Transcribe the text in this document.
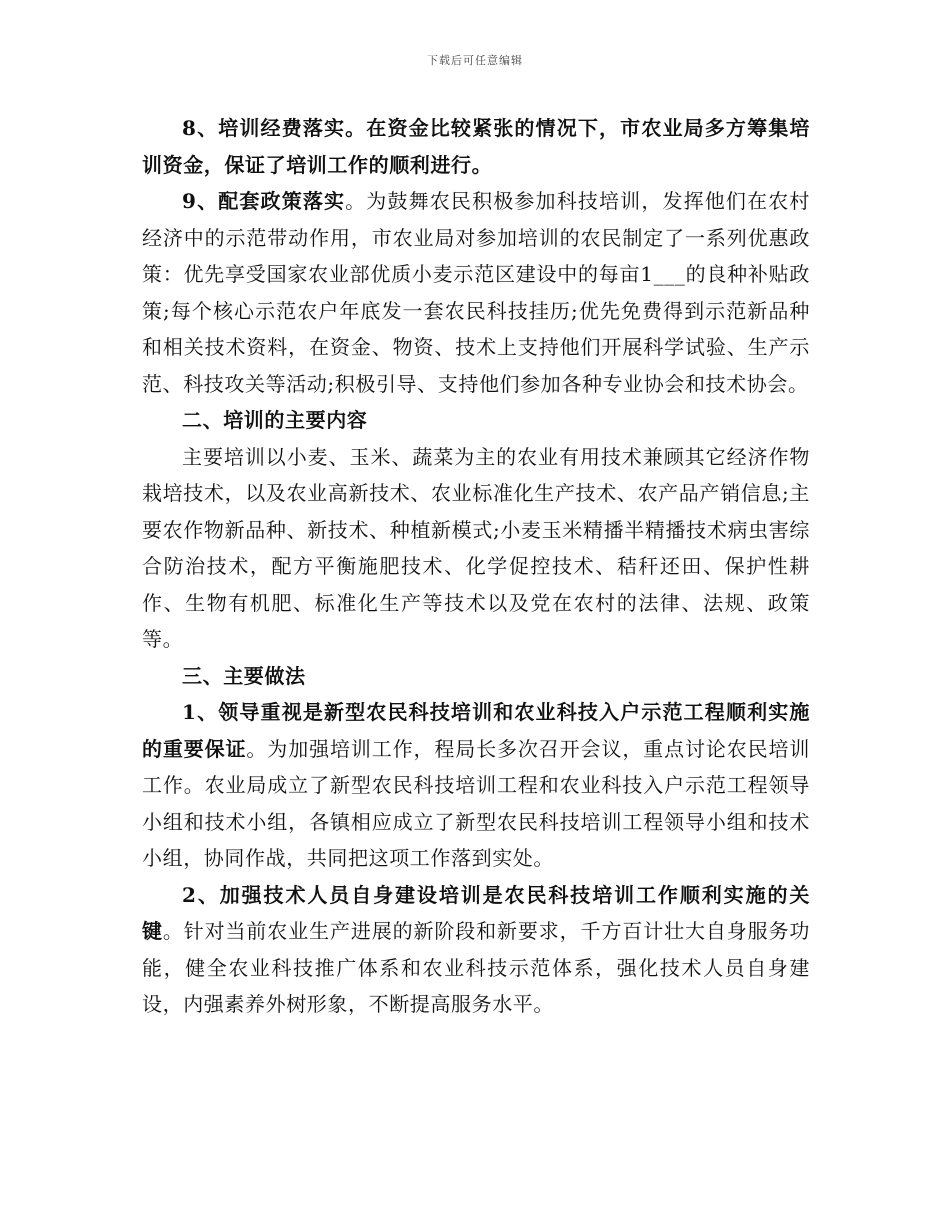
下载后可任意编辑

8、培训经费落实。在资金比较紧张的情况下，市农业局多方筹集培训资金，保证了培训工作的顺利进行。

9、配套政策落实。为鼓舞农民积极参加科技培训，发挥他们在农村经济中的示范带动作用，市农业局对参加培训的农民制定了一系列优惠政策：优先享受国家农业部优质小麦示范区建设中的每亩1___的良种补贴政策;每个核心示范农户年底发一套农民科技挂历;优先免费得到示范新品种和相关技术资料，在资金、物资、技术上支持他们开展科学试验、生产示范、科技攻关等活动;积极引导、支持他们参加各种专业协会和技术协会。

二、培训的主要内容

主要培训以小麦、玉米、蔬菜为主的农业有用技术兼顾其它经济作物栽培技术，以及农业高新技术、农业标准化生产技术、农产品产销信息;主要农作物新品种、新技术、种植新模式;小麦玉米精播半精播技术病虫害综合防治技术，配方平衡施肥技术、化学促控技术、秸秆还田、保护性耕作、生物有机肥、标准化生产等技术以及党在农村的法律、法规、政策等。

三、主要做法

1、领导重视是新型农民科技培训和农业科技入户示范工程顺利实施的重要保证。为加强培训工作，程局长多次召开会议，重点讨论农民培训工作。农业局成立了新型农民科技培训工程和农业科技入户示范工程领导小组和技术小组，各镇相应成立了新型农民科技培训工程领导小组和技术小组，协同作战，共同把这项工作落到实处。

2、加强技术人员自身建设培训是农民科技培训工作顺利实施的关键。针对当前农业生产进展的新阶段和新要求，千方百计壮大自身服务功能，健全农业科技推广体系和农业科技示范体系，强化技术人员自身建设，内强素养外树形象，不断提高服务水平。
